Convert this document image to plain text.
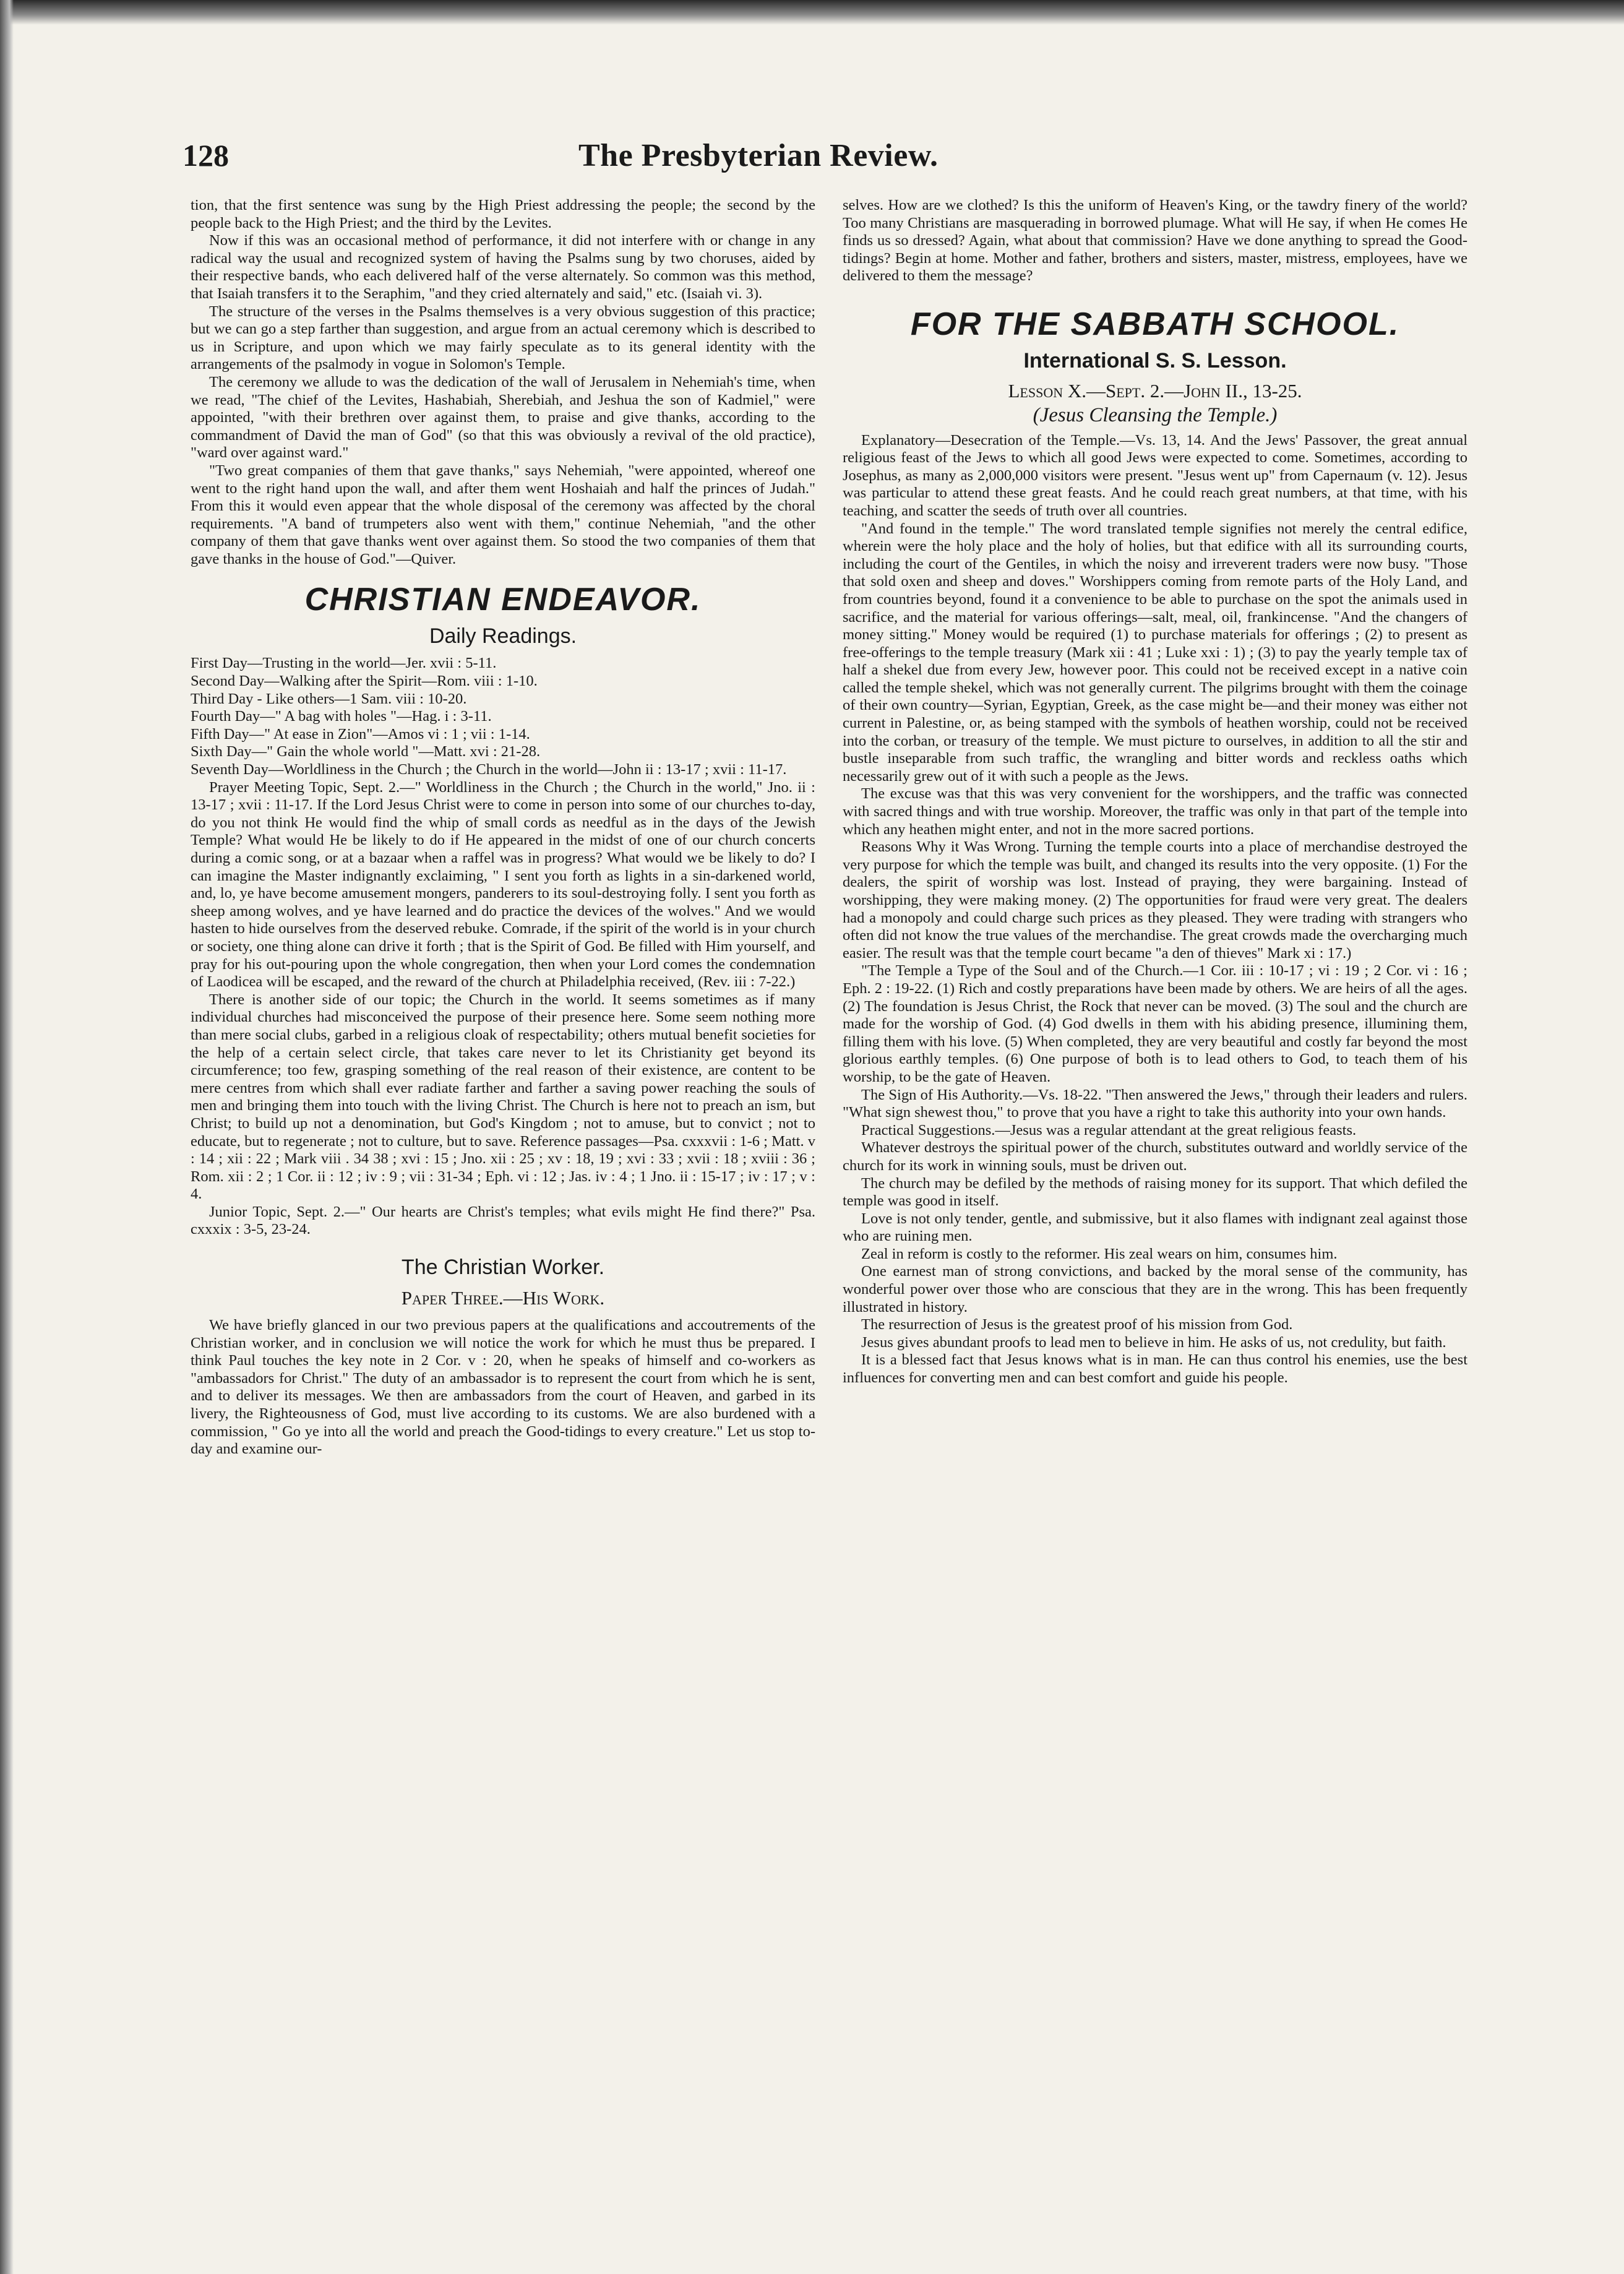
128	The Presbyterian Review.

tion, that the first sentence was sung by the High Priest addressing the people; the second by the people back to the High Priest; and the third by the Levites.

Now if this was an occasional method of performance, it did not interfere with or change in any radical way the usual and recognized system of having the Psalms sung by two choruses, aided by their respective bands, who each delivered half of the verse alternately. So common was this method, that Isaiah transfers it to the Seraphim, "and they cried alternately and said," etc. (Isaiah vi. 3).

The structure of the verses in the Psalms themselves is a very obvious suggestion of this practice; but we can go a step farther than suggestion, and argue from an actual ceremony which is described to us in Scripture, and upon which we may fairly speculate as to its general identity with the arrangements of the psalmody in vogue in Solomon's Temple.

The ceremony we allude to was the dedication of the wall of Jerusalem in Nehemiah's time, when we read, "The chief of the Levites, Hashabiah, Sherebiah, and Jeshua the son of Kadmiel," were appointed, "with their brethren over against them, to praise and give thanks, according to the commandment of David the man of God" (so that this was obviously a revival of the old practice), "ward over against ward."

"Two great companies of them that gave thanks," says Nehemiah, "were appointed, whereof one went to the right hand upon the wall, and after them went Hoshaiah and half the princes of Judah." From this it would even appear that the whole disposal of the ceremony was affected by the choral requirements. "A band of trumpeters also went with them," continue Nehemiah, "and the other company of them that gave thanks went over against them. So stood the two companies of them that gave thanks in the house of God."—Quiver.

CHRISTIAN ENDEAVOR.
Daily Readings.

First Day—Trusting in the world—Jer. xvii : 5-11.

Second Day—Walking after the Spirit—Rom. viii : 1-10.

Third Day - Like others—1 Sam. viii : 10-20.

Fourth Day—" A bag with holes "—Hag. i : 3-11.

Fifth Day—" At ease in Zion"—Amos vi : 1 ; vii : 1-14.

Sixth Day—" Gain the whole world "—Matt. xvi : 21-28.

Seventh Day—Worldliness in the Church ; the Church in the world—John ii : 13-17 ; xvii : 11-17.

Prayer Meeting Topic, Sept. 2.—" Worldliness in the Church ; the Church in the world," Jno. ii : 13-17 ; xvii : 11-17. If the Lord Jesus Christ were to come in person into some of our churches to-day, do you not think He would find the whip of small cords as needful as in the days of the Jewish Temple? What would He be likely to do if He appeared in the midst of one of our church concerts during a comic song, or at a bazaar when a raffel was in progress? What would we be likely to do? I can imagine the Master indignantly exclaiming, " I sent you forth as lights in a sin-darkened world, and, lo, ye have become amusement mongers, panderers to its soul-destroying folly. I sent you forth as sheep among wolves, and ye have learned and do practice the devices of the wolves." And we would hasten to hide ourselves from the deserved rebuke. Comrade, if the spirit of the world is in your church or society, one thing alone can drive it forth ; that is the Spirit of God. Be filled with Him yourself, and pray for his out-pouring upon the whole congregation, then when your Lord comes the condemnation of Laodicea will be escaped, and the reward of the church at Philadelphia received, (Rev. iii : 7-22.)

There is another side of our topic; the Church in the world. It seems sometimes as if many individual churches had misconceived the purpose of their presence here. Some seem nothing more than mere social clubs, garbed in a religious cloak of respectability; others mutual benefit societies for the help of a certain select circle, that takes care never to let its Christianity get beyond its circumference; too few, grasping something of the real reason of their existence, are content to be mere centres from which shall ever radiate farther and farther a saving power reaching the souls of men and bringing them into touch with the living Christ. The Church is here not to preach an ism, but Christ; to build up not a denomination, but God's Kingdom ; not to amuse, but to convict ; not to educate, but to regenerate ; not to culture, but to save. Reference passages—Psa. cxxxvii : 1-6 ; Matt. v : 14 ; xii : 22 ; Mark viii . 34 38 ; xvi : 15 ; Jno. xii : 25 ; xv : 18, 19 ; xvi : 33 ; xvii : 18 ; xviii : 36 ; Rom. xii : 2 ; 1 Cor. ii : 12 ; iv : 9 ; vii : 31-34 ; Eph. vi : 12 ; Jas. iv : 4 ; 1 Jno. ii : 15-17 ; iv : 17 ; v : 4.

Junior Topic, Sept. 2.—" Our hearts are Christ's temples; what evils might He find there?" Psa. cxxxix : 3-5, 23-24.

The Christian Worker.
Paper Three.—His Work.

We have briefly glanced in our two previous papers at the qualifications and accoutrements of the Christian worker, and in conclusion we will notice the work for which he must thus be prepared. I think Paul touches the key note in 2 Cor. v : 20, when he speaks of himself and co-workers as "ambassadors for Christ." The duty of an ambassador is to represent the court from which he is sent, and to deliver its messages. We then are ambassadors from the court of Heaven, and garbed in its livery, the Righteousness of God, must live according to its customs. We are also burdened with a commission, " Go ye into all the world and preach the Good-tidings to every creature." Let us stop to-day and examine our-

selves. How are we clothed? Is this the uniform of Heaven's King, or the tawdry finery of the world? Too many Christians are masquerading in borrowed plumage. What will He say, if when He comes He finds us so dressed? Again, what about that commission? Have we done anything to spread the Good-tidings? Begin at home. Mother and father, brothers and sisters, master, mistress, employees, have we delivered to them the message?

FOR THE SABBATH SCHOOL.
International S. S. Lesson.
Lesson X.—Sept. 2.—John II., 13-25.
(Jesus Cleansing the Temple.)

Explanatory—Desecration of the Temple.—Vs. 13, 14. And the Jews' Passover, the great annual religious feast of the Jews to which all good Jews were expected to come. Sometimes, according to Josephus, as many as 2,000,000 visitors were present. "Jesus went up" from Capernaum (v. 12). Jesus was particular to attend these great feasts. And he could reach great numbers, at that time, with his teaching, and scatter the seeds of truth over all countries.

"And found in the temple." The word translated temple signifies not merely the central edifice, wherein were the holy place and the holy of holies, but that edifice with all its surrounding courts, including the court of the Gentiles, in which the noisy and irreverent traders were now busy. "Those that sold oxen and sheep and doves." Worshippers coming from remote parts of the Holy Land, and from countries beyond, found it a convenience to be able to purchase on the spot the animals used in sacrifice, and the material for various offerings—salt, meal, oil, frankincense. "And the changers of money sitting." Money would be required (1) to purchase materials for offerings ; (2) to present as free-offerings to the temple treasury (Mark xii : 41 ; Luke xxi : 1) ; (3) to pay the yearly temple tax of half a shekel due from every Jew, however poor. This could not be received except in a native coin called the temple shekel, which was not generally current. The pilgrims brought with them the coinage of their own country—Syrian, Egyptian, Greek, as the case might be—and their money was either not current in Palestine, or, as being stamped with the symbols of heathen worship, could not be received into the corban, or treasury of the temple. We must picture to ourselves, in addition to all the stir and bustle inseparable from such traffic, the wrangling and bitter words and reckless oaths which necessarily grew out of it with such a people as the Jews.

The excuse was that this was very convenient for the worshippers, and the traffic was connected with sacred things and with true worship. Moreover, the traffic was only in that part of the temple into which any heathen might enter, and not in the more sacred portions.

Reasons Why it Was Wrong. Turning the temple courts into a place of merchandise destroyed the very purpose for which the temple was built, and changed its results into the very opposite. (1) For the dealers, the spirit of worship was lost. Instead of praying, they were bargaining. Instead of worshipping, they were making money. (2) The opportunities for fraud were very great. The dealers had a monopoly and could charge such prices as they pleased. They were trading with strangers who often did not know the true values of the merchandise. The great crowds made the overcharging much easier. The result was that the temple court became "a den of thieves" Mark xi : 17.)

"The Temple a Type of the Soul and of the Church.—1 Cor. iii : 10-17 ; vi : 19 ; 2 Cor. vi : 16 ; Eph. 2 : 19-22. (1) Rich and costly preparations have been made by others. We are heirs of all the ages. (2) The foundation is Jesus Christ, the Rock that never can be moved. (3) The soul and the church are made for the worship of God. (4) God dwells in them with his abiding presence, illumining them, filling them with his love. (5) When completed, they are very beautiful and costly far beyond the most glorious earthly temples. (6) One purpose of both is to lead others to God, to teach them of his worship, to be the gate of Heaven.

The Sign of His Authority.—Vs. 18-22. "Then answered the Jews," through their leaders and rulers. "What sign shewest thou," to prove that you have a right to take this authority into your own hands.

Practical Suggestions.—Jesus was a regular attendant at the great religious feasts.

Whatever destroys the spiritual power of the church, substitutes outward and worldly service of the church for its work in winning souls, must be driven out.

The church may be defiled by the methods of raising money for its support. That which defiled the temple was good in itself.

Love is not only tender, gentle, and submissive, but it also flames with indignant zeal against those who are ruining men.

Zeal in reform is costly to the reformer. His zeal wears on him, consumes him.

One earnest man of strong convictions, and backed by the moral sense of the community, has wonderful power over those who are conscious that they are in the wrong. This has been frequently illustrated in history.

The resurrection of Jesus is the greatest proof of his mission from God.

Jesus gives abundant proofs to lead men to believe in him. He asks of us, not credulity, but faith.

It is a blessed fact that Jesus knows what is in man. He can thus control his enemies, use the best influences for converting men and can best comfort and guide his people.
